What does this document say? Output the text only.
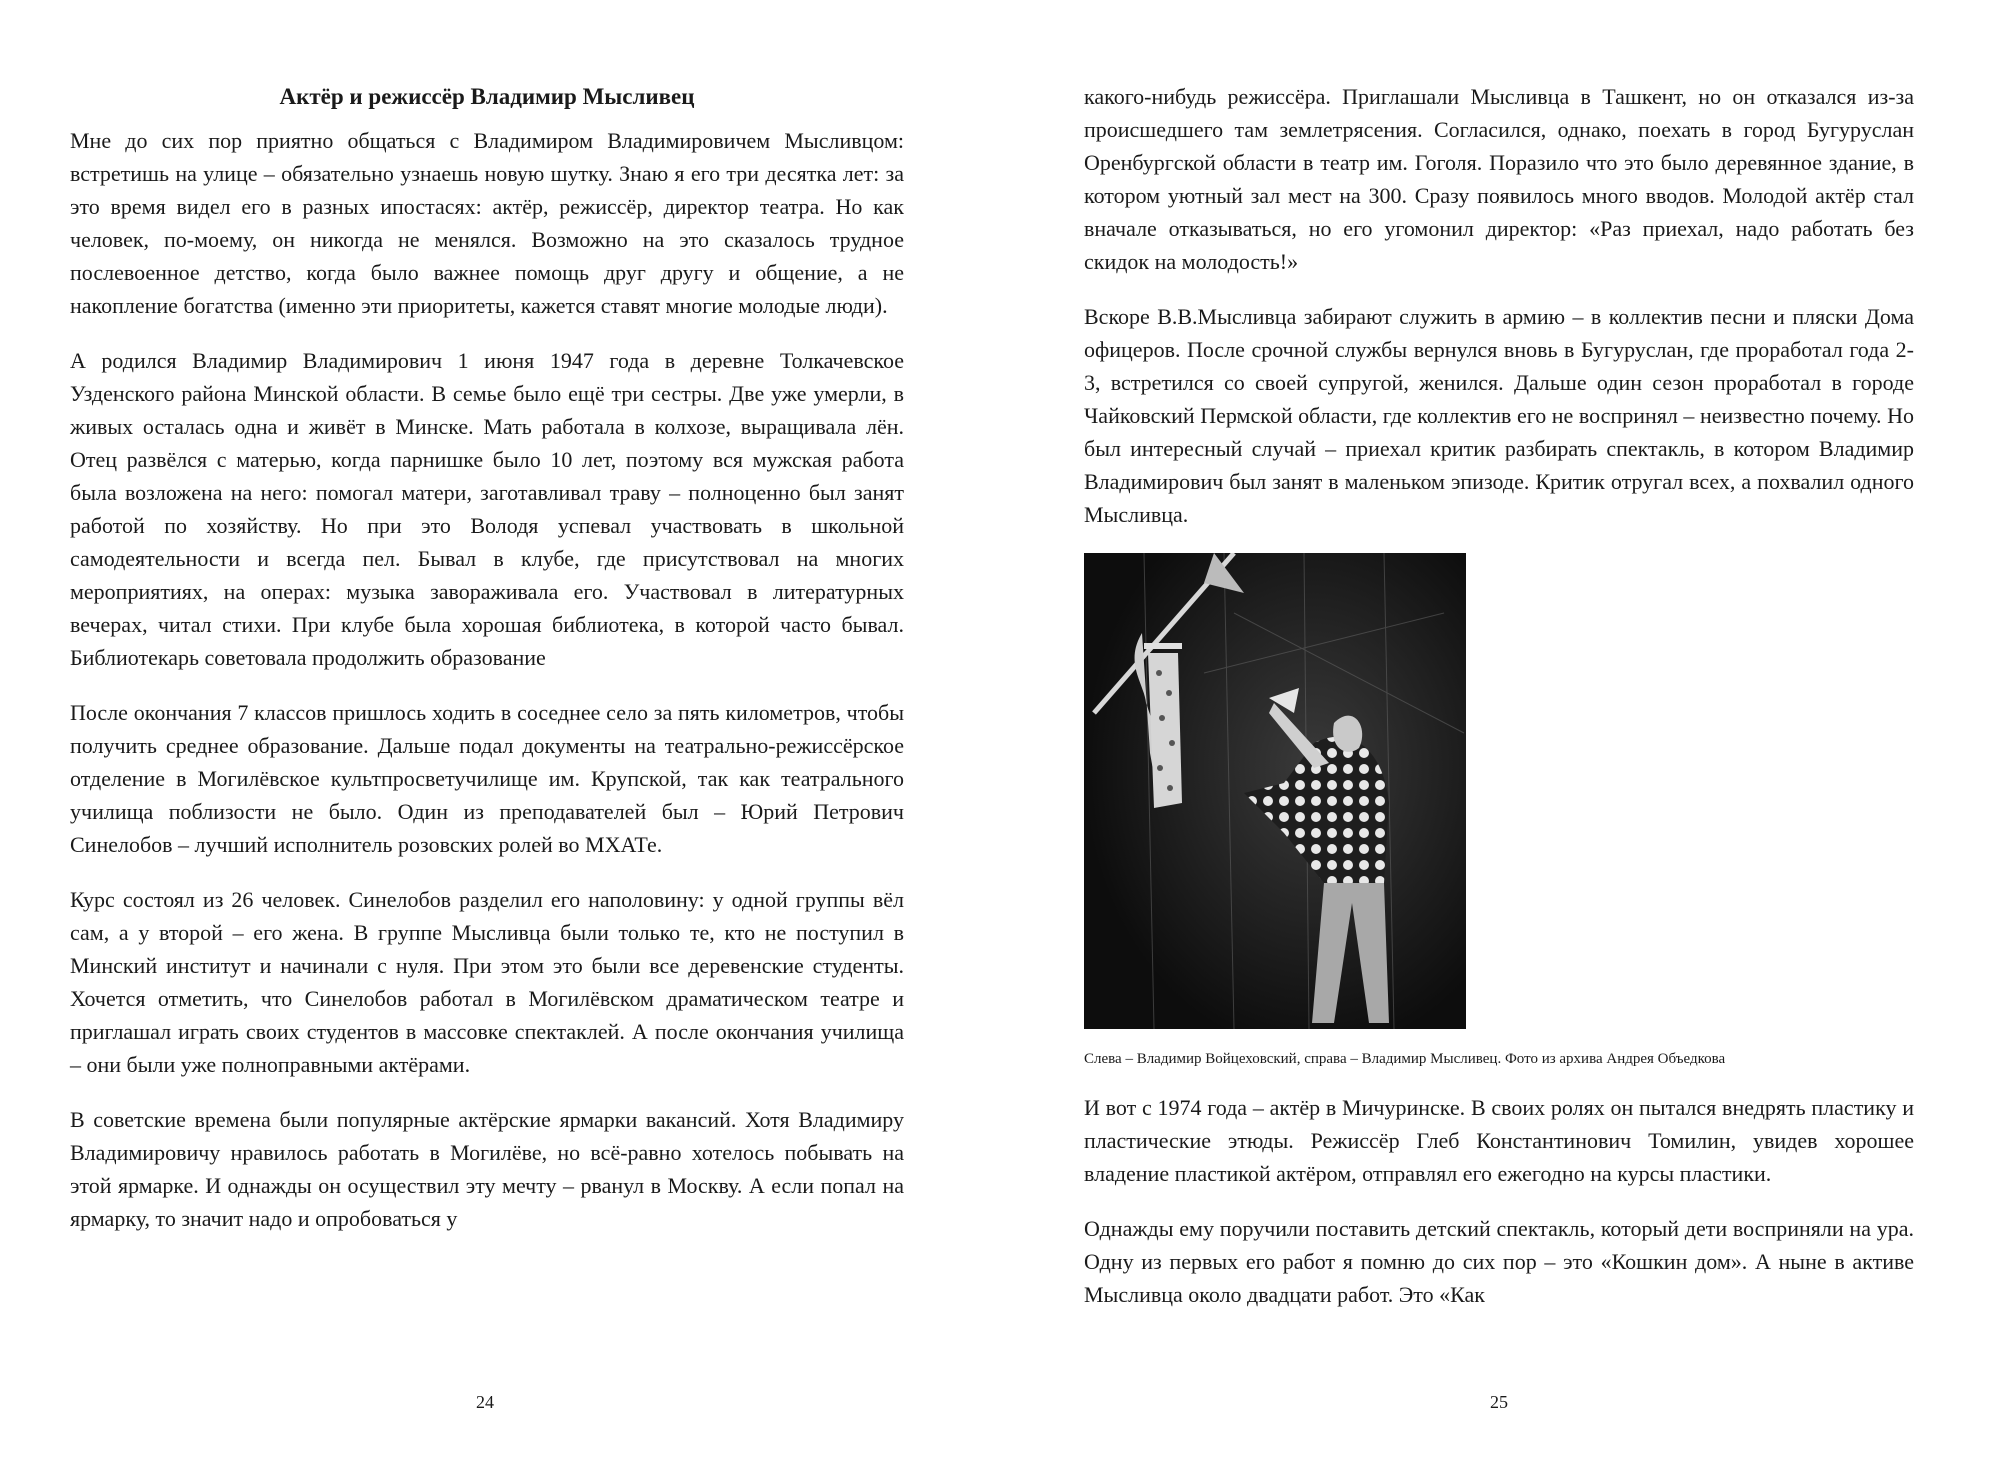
Актёр и режиссёр Владимир Мысливец

Мне до сих пор приятно общаться с Владимиром Владимировичем Мысливцом: встретишь на улице – обязательно узнаешь новую шутку. Знаю я его три десятка лет: за это время видел его в разных ипостасях: актёр, режиссёр, директор театра. Но как человек, по-моему, он никогда не менялся. Возможно на это сказалось трудное послевоенное детство, когда было важнее помощь друг другу и общение, а не накопление богатства (именно эти приоритеты, кажется ставят многие молодые люди).

А родился Владимир Владимирович 1 июня 1947 года в деревне Толкачевское Узденского района Минской области. В семье было ещё три сестры. Две уже умерли, в живых осталась одна и живёт в Минске. Мать работала в колхозе, выращивала лён. Отец развёлся с матерью, когда парнишке было 10 лет, поэтому вся мужская работа была возложена на него: помогал матери, заготавливал траву – полноценно был занят работой по хозяйству. Но при это Володя успевал участвовать в школьной самодеятельности и всегда пел. Бывал в клубе, где присутствовал на многих мероприятиях, на операх: музыка завораживала его. Участвовал в литературных вечерах, читал стихи. При клубе была хорошая библиотека, в которой часто бывал. Библиотекарь советовала продолжить образование

После окончания 7 классов пришлось ходить в соседнее село за пять километров, чтобы получить среднее образование. Дальше подал документы на театрально-режиссёрское отделение в Могилёвское культпросветучилище им. Крупской, так как театрального училища поблизости не было. Один из преподавателей был – Юрий Петрович Синелобов – лучший исполнитель розовских ролей во МХАТе.

Курс состоял из 26 человек. Синелобов разделил его наполовину: у одной группы вёл сам, а у второй – его жена. В группе Мысливца были только те, кто не поступил в Минский институт и начинали с нуля. При этом это были все деревенские студенты. Хочется отметить, что Синелобов работал в Могилёвском драматическом театре и приглашал играть своих студентов в массовке спектаклей. А после окончания училища – они были уже полноправными актёрами.

В советские времена были популярные актёрские ярмарки вакансий. Хотя Владимиру Владимировичу нравилось работать в Могилёве, но всё-равно хотелось побывать на этой ярмарке. И однажды он осуществил эту мечту – рванул в Москву. А если попал на ярмарку, то значит надо и опробоваться у

24

какого-нибудь режиссёра. Приглашали Мысливца в Ташкент, но он отказался из-за происшедшего там землетрясения. Согласился, однако, поехать в город Бугуруслан Оренбургской области в театр им. Гоголя. Поразило что это было деревянное здание, в котором уютный зал мест на 300. Сразу появилось много вводов. Молодой актёр стал вначале отказываться, но его угомонил директор: «Раз приехал, надо работать без скидок на молодость!»

Вскоре В.В.Мысливца забирают служить в армию – в коллектив песни и пляски Дома офицеров. После срочной службы вернулся вновь в Бугуруслан, где проработал года 2-3, встретился со своей супругой, женился. Дальше один сезон проработал в городе Чайковский Пермской области, где коллектив его не воспринял – неизвестно почему. Но был интересный случай – приехал критик разбирать спектакль, в котором Владимир Владимирович был занят в маленьком эпизоде. Критик отругал всех, а похвалил одного Мысливца.

Слева – Владимир Войцеховский, справа – Владимир Мысливец. Фото из архива Андрея Объедкова

И вот с 1974 года – актёр в Мичуринске. В своих ролях он пытался внедрять пластику и пластические этюды. Режиссёр Глеб Константинович Томилин, увидев хорошее владение пластикой актёром, отправлял его ежегодно на курсы пластики.

Однажды ему поручили поставить детский спектакль, который дети восприняли на ура. Одну из первых его работ я помню до сих пор – это «Кошкин дом». А ныне в активе Мысливца около двадцати работ. Это «Как

25
